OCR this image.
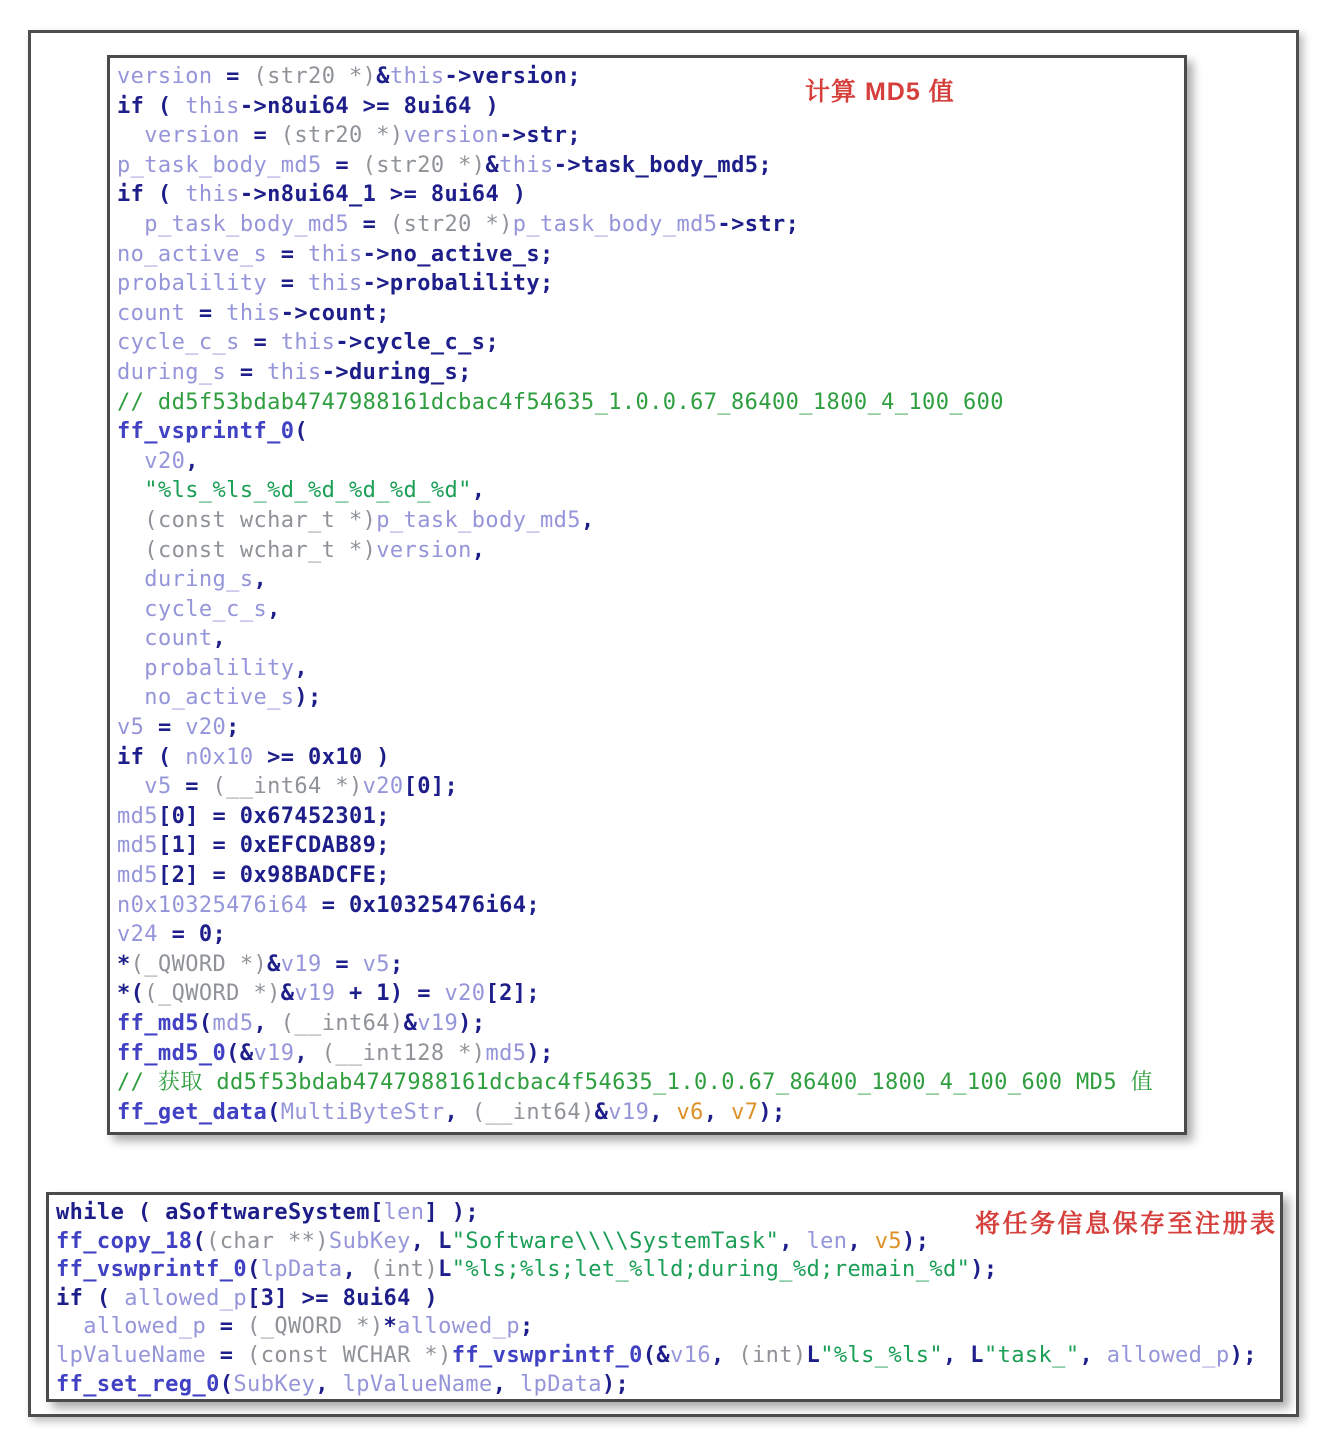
计算 MD5 值
version = (str20 *)&this->version;
if ( this->n8ui64 >= 8ui64 )
version = (str20 *)version->str;
p_task_body_md5 = (str20 *)&this->task_body_md5;
if ( this->n8ui64_1 >= 8ui64 )
p_task_body_md5 = (str20 *)p_task_body_md5->str;
no_active_s = this->no_active_s;
probalility = this->probalility;
count = this->count;
cycle_c_s = this->cycle_c_s;
during_s = this->during_s;
// dd5f53bdab4747988161dcbac4f54635_1.0.0.67_86400_1800_4_100_600
ff_vsprintf_0(
v20,
"%ls_%ls_%d_%d_%d_%d_%d",
(const wchar_t *)p_task_body_md5,
(const wchar_t *)version,
during_s,
cycle_c_s,
count,
probalility,
no_active_s);
v5 = v20;
if ( n0x10 >= 0x10 )
v5 = (__int64 *)v20[0];
md5[0] = 0x67452301;
md5[1] = 0xEFCDAB89;
md5[2] = 0x98BADCFE;
n0x10325476i64 = 0x10325476i64;
v24 = 0;
*(_QWORD *)&v19 = v5;
*((_QWORD *)&v19 + 1) = v20[2];
ff_md5(md5, (__int64)&v19);
ff_md5_0(&v19, (__int128 *)md5);
// 获取 dd5f53bdab4747988161dcbac4f54635_1.0.0.67_86400_1800_4_100_600 MD5 值
ff_get_data(MultiByteStr, (__int64)&v19, v6, v7);
将任务信息保存至注册表
while ( aSoftwareSystem[len] );
ff_copy_18((char **)SubKey, L"Software\\\\SystemTask", len, v5);
ff_vswprintf_0(lpData, (int)L"%ls;%ls;let_%lld;during_%d;remain_%d");
if ( allowed_p[3] >= 8ui64 )
allowed_p = (_QWORD *)*allowed_p;
lpValueName = (const WCHAR *)ff_vswprintf_0(&v16, (int)L"%ls_%ls", L"task_", allowed_p);
ff_set_reg_0(SubKey, lpValueName, lpData);
